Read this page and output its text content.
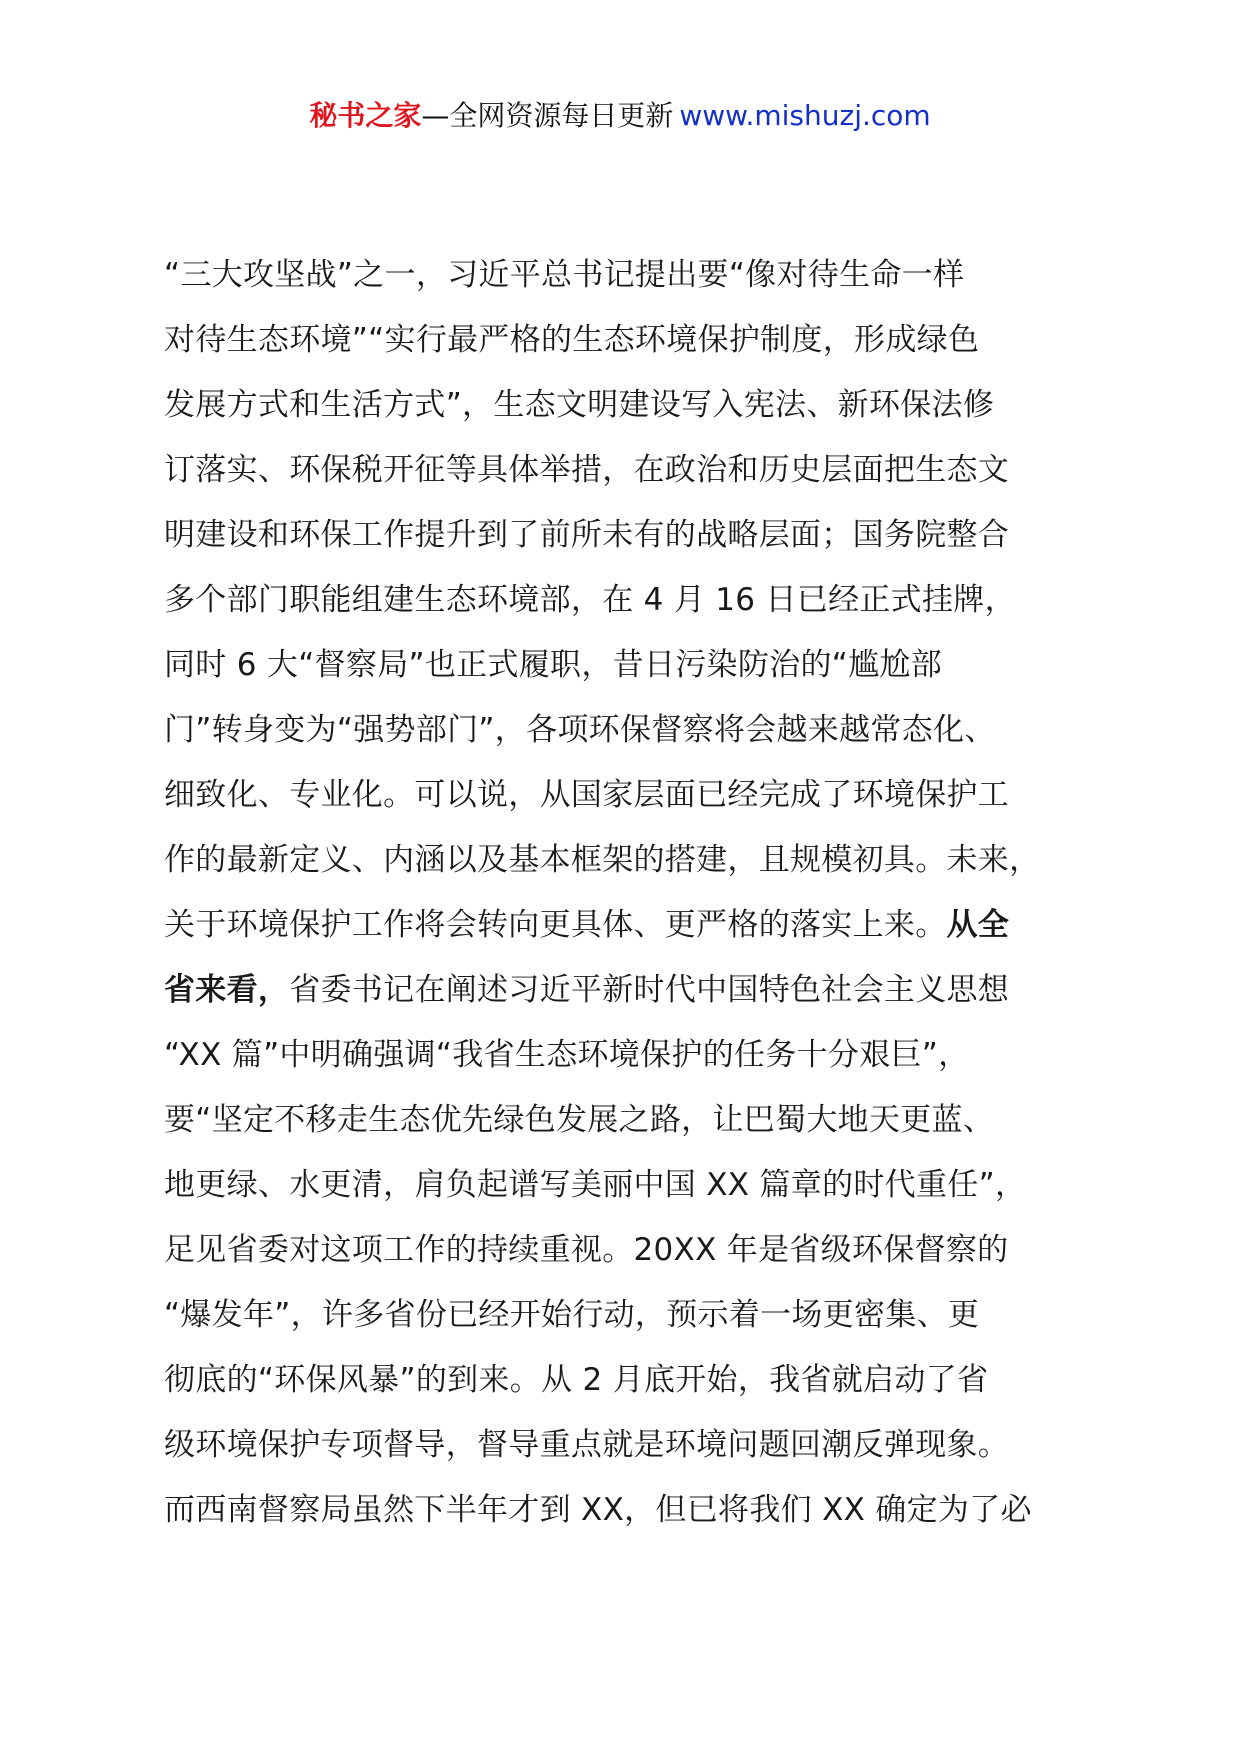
秘书之家—全网资源每日更新 www.mishuzj.com
“三大攻坚战”之一，习近平总书记提出要“像对待生命一样
对待生态环境”“实行最严格的生态环境保护制度，形成绿色
发展方式和生活方式”，生态文明建设写入宪法、新环保法修
订落实、环保税开征等具体举措，在政治和历史层面把生态文
明建设和环保工作提升到了前所未有的战略层面；国务院整合
多个部门职能组建生态环境部，在 4 月 16 日已经正式挂牌，
同时 6 大“督察局”也正式履职，昔日污染防治的“尴尬部
门”转身变为“强势部门”，各项环保督察将会越来越常态化、
细致化、专业化。可以说，从国家层面已经完成了环境保护工
作的最新定义、内涵以及基本框架的搭建，且规模初具。未来，
关于环境保护工作将会转向更具体、更严格的落实上来。从全
省来看，省委书记在阐述习近平新时代中国特色社会主义思想
“XX 篇”中明确强调“我省生态环境保护的任务十分艰巨”，
要“坚定不移走生态优先绿色发展之路，让巴蜀大地天更蓝、
地更绿、水更清，肩负起谱写美丽中国 XX 篇章的时代重任”，
足见省委对这项工作的持续重视。20XX 年是省级环保督察的
“爆发年”，许多省份已经开始行动，预示着一场更密集、更
彻底的“环保风暴”的到来。从 2 月底开始，我省就启动了省
级环境保护专项督导，督导重点就是环境问题回潮反弹现象。
而西南督察局虽然下半年才到 XX，但已将我们 XX 确定为了必
